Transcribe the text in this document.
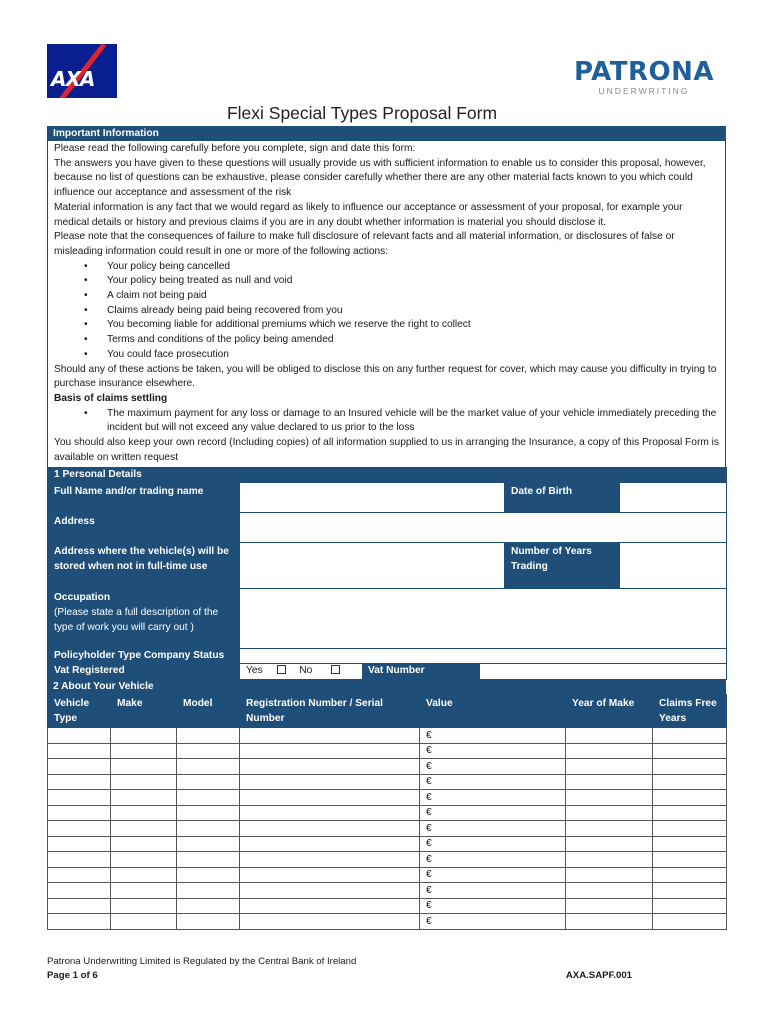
AXA	PATRONA
UNDERWRITING
Flexi Special Types Proposal Form
Important Information
Please read the following carefully before you complete, sign and date this form:
The answers you have given to these questions will usually provide us with sufficient information to enable us to consider this proposal, however, because no list of questions can be exhaustive, please consider carefully whether there are any other material facts known to you which could influence our acceptance and assessment of the risk
Material information is any fact that we would regard as likely to influence our acceptance or assessment of your proposal, for example your medical details or history and previous claims if you are in any doubt whether information is material you should disclose it.
Please note that the consequences of failure to make full disclosure of relevant facts and all material information, or disclosures of false or misleading information could result in one or more of the following actions:
• Your policy being cancelled
• Your policy being treated as null and void
• A claim not being paid
• Claims already being paid being recovered from you
• You becoming liable for additional premiums which we reserve the right to collect
• Terms and conditions of the policy being amended
• You could face prosecution
Should any of these actions be taken, you will be obliged to disclose this on any further request for cover, which may cause you difficulty in trying to purchase insurance elsewhere.
Basis of claims settling
• The maximum payment for any loss or damage to an Insured vehicle will be the market value of your vehicle immediately preceding the incident but will not exceed any value declared to us prior to the loss
You should also keep your own record (Including copies) of all information supplied to us in arranging the Insurance, a copy of this Proposal Form is available on written request
1 Personal Details			
Full Name and/or trading name		Date of Birth	
Address			
Address where the vehicle(s) will be stored when not in full-time use		Number of Years Trading	

Occupation
(Please state a full description of the type of work you will carry out )			

Policyholder Type Company Status			
Vat Registered	Yes No Vat Number		
2 About Your Vehicle
Vehicle Type	Make	Model	Registration Number / Serial Number	Value	Year of Make	Claims Free Years
				€		
				€		
				€		
				€		
				€		
				€		
				€		
				€		
				€		
				€		
				€		
				€		
				€		
Patrona Underwriting Limited is Regulated by the Central Bank of Ireland
Page 1 of 6	AXA.SAPF.001
